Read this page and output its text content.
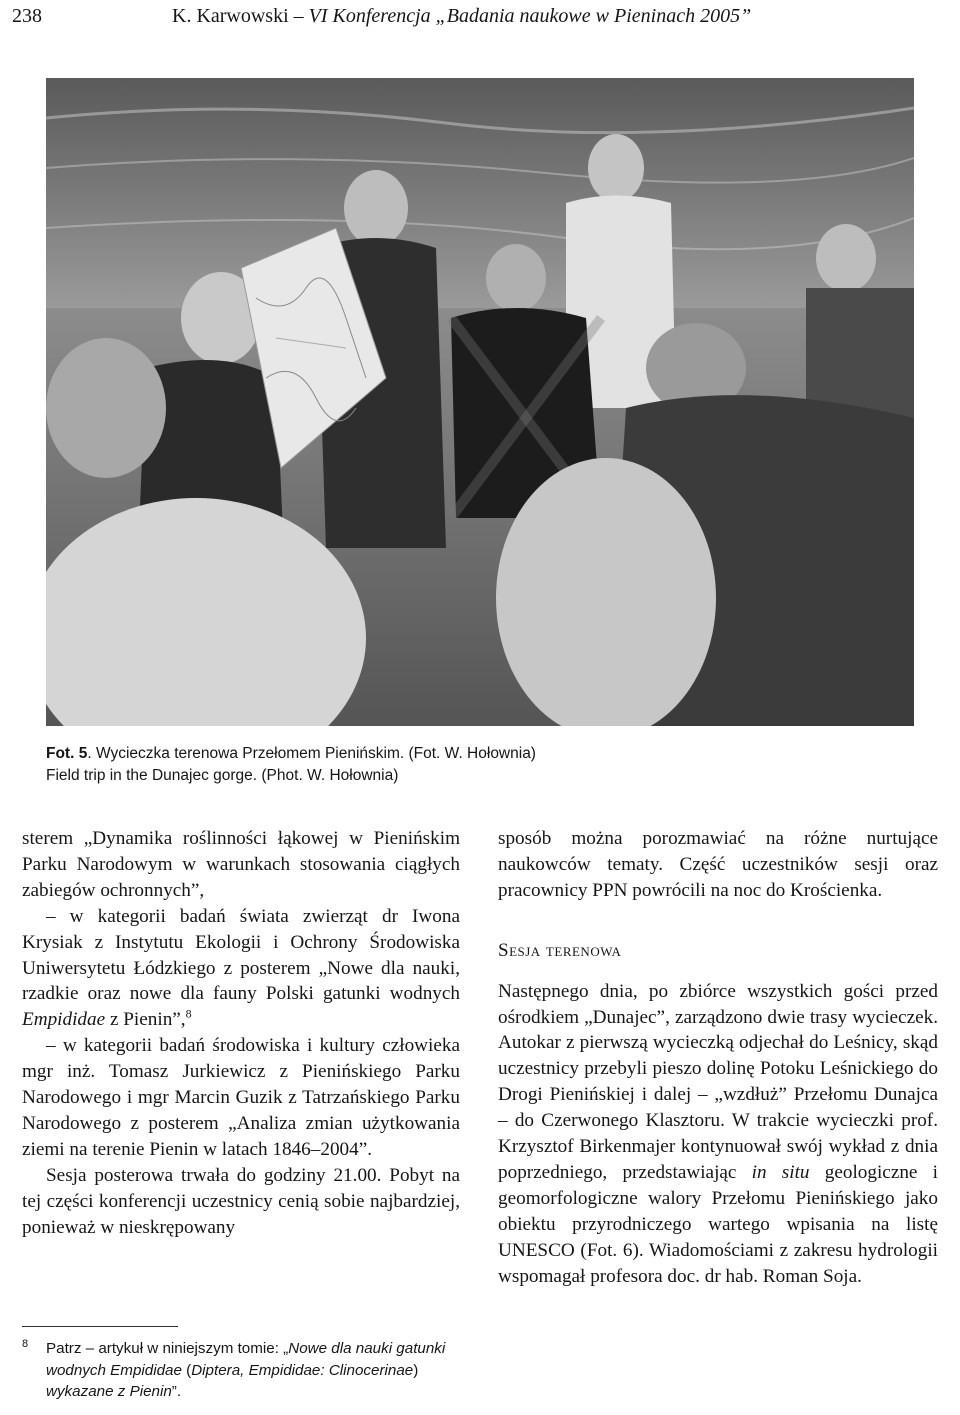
238	K. Karwowski – VI Konferencja „Badania naukowe w Pieninach 2005”
Fot. 5. Wycieczka terenowa Przełomem Pienińskim. (Fot. W. Hołownia)
Field trip in the Dunajec gorge. (Phot. W. Hołownia)

sterem „Dynamika roślinności łąkowej w Pienińskim Parku Narodowym w warunkach stosowania ciągłych zabiegów ochronnych”,

– w kategorii badań świata zwierząt dr Iwona Krysiak z Instytutu Ekologii i Ochrony Środowiska Uniwersytetu Łódzkiego z posterem „Nowe dla nauki, rzadkie oraz nowe dla fauny Polski gatunki wodnych Empididae z Pienin”,$^8$

– w kategorii badań środowiska i kultury człowieka mgr inż. Tomasz Jurkiewicz z Pienińskiego Parku Narodowego i mgr Marcin Guzik z Tatrzańskiego Parku Narodowego z posterem „Analiza zmian użytkowania ziemi na terenie Pienin w latach 1846–2004”.

Sesja posterowa trwała do godziny 21.00. Pobyt na tej części konferencji uczestnicy cenią sobie najbardziej, ponieważ w nieskrępowany

sposób można porozmawiać na różne nurtujące naukowców tematy. Część uczestników sesji oraz pracownicy PPN powrócili na noc do Krościenka.

Sesja terenowa

Następnego dnia, po zbiórce wszystkich gości przed ośrodkiem „Dunajec”, zarządzono dwie trasy wycieczek. Autokar z pierwszą wycieczką odjechał do Leśnicy, skąd uczestnicy przebyli pieszo dolinę Potoku Leśnickiego do Drogi Pienińskiej i dalej – „wzdłuż” Przełomu Dunajca – do Czerwonego Klasztoru. W trakcie wycieczki prof. Krzysztof Birkenmajer kontynuował swój wykład z dnia poprzedniego, przedstawiając in situ geologiczne i geomorfologiczne walory Przełomu Pienińskiego jako obiektu przyrodniczego wartego wpisania na listę UNESCO (Fot. 6). Wiadomościami z zakresu hydrologii wspomagał profesora doc. dr hab. Roman Soja.

8 Patrz – artykuł w niniejszym tomie: „Nowe dla nauki gatunki wodnych Empididae (Diptera, Empididae: Clinocerinae) wykazane z Pienin”.
